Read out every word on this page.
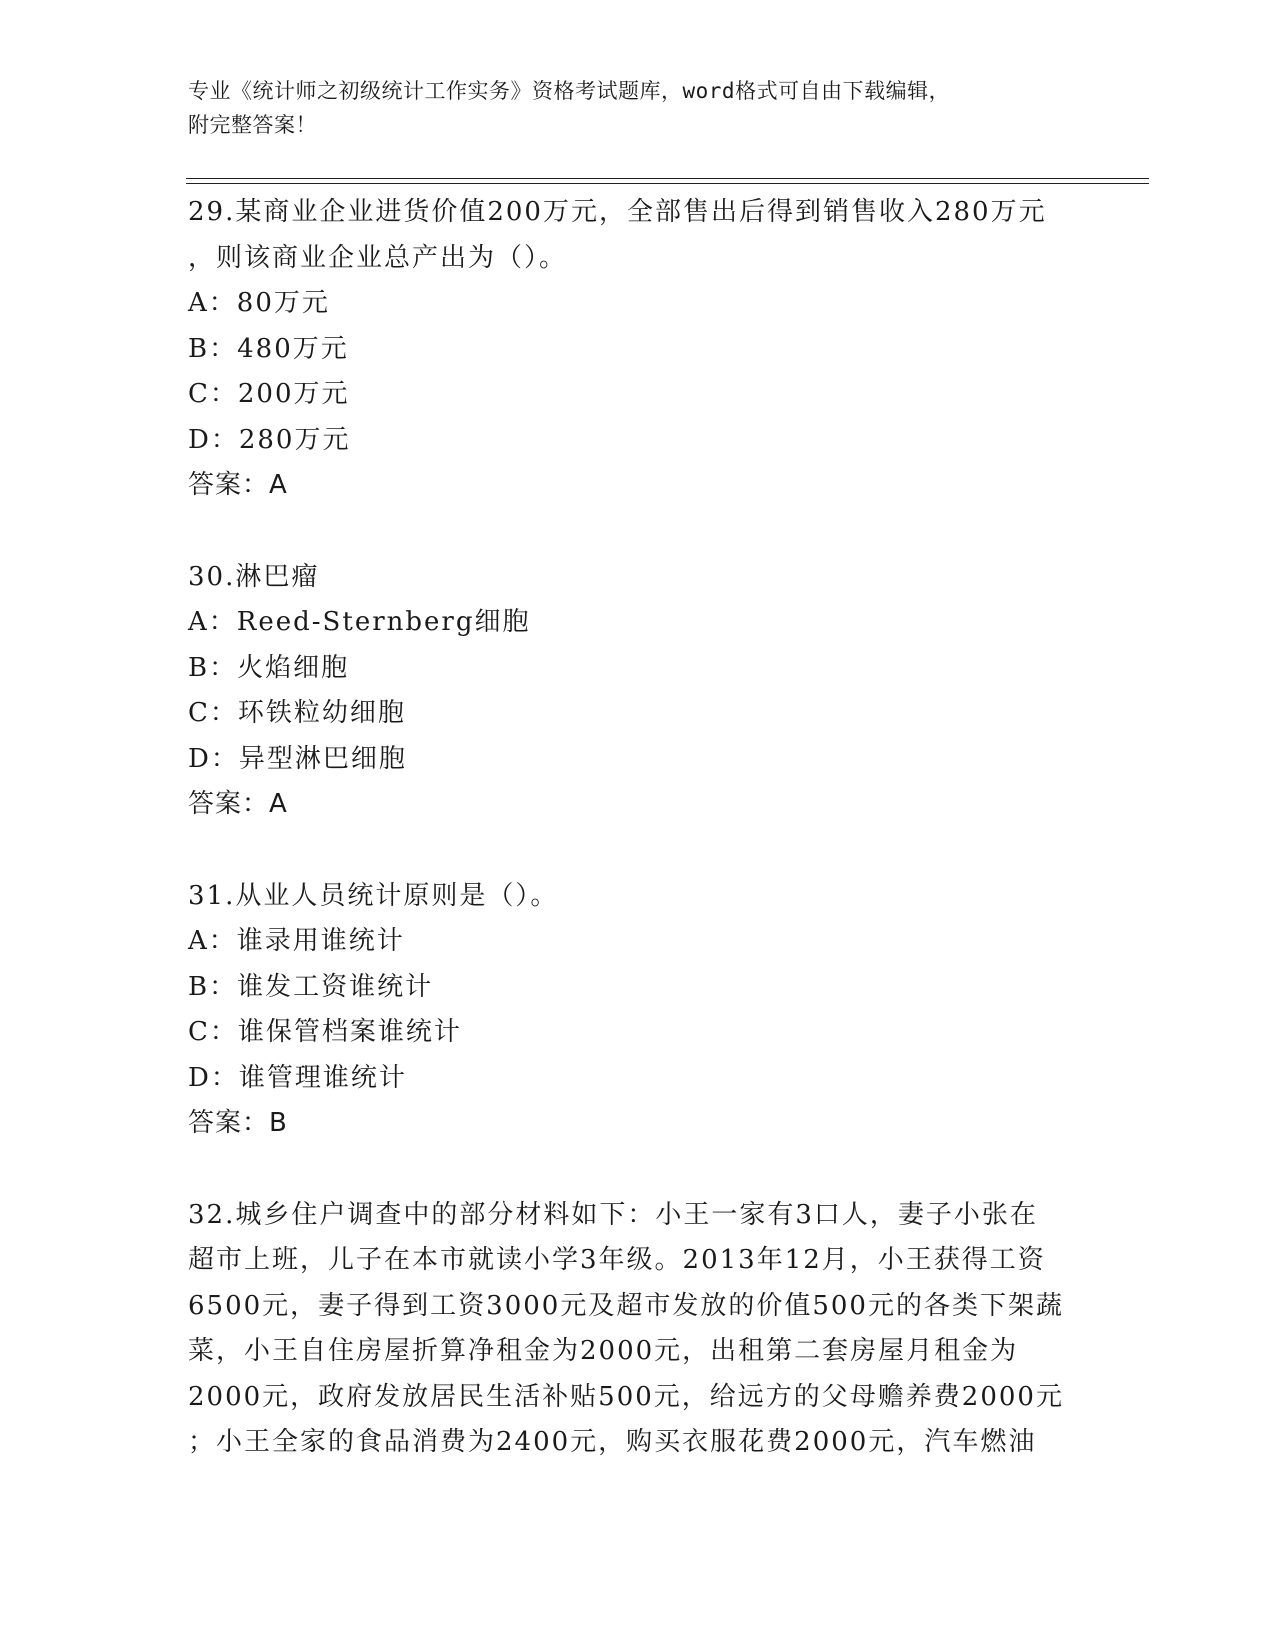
专业《统计师之初级统计工作实务》资格考试题库，word格式可自由下载编辑，
附完整答案！
29.某商业企业进货价值200万元，全部售出后得到销售收入280万元
，则该商业企业总产出为（）。
A：80万元
B：480万元
C：200万元
D：280万元
答案：A
30.淋巴瘤
A：Reed-Sternberg细胞
B：火焰细胞
C：环铁粒幼细胞
D：异型淋巴细胞
答案：A
31.从业人员统计原则是（）。
A：谁录用谁统计
B：谁发工资谁统计
C：谁保管档案谁统计
D：谁管理谁统计
答案：B
32.城乡住户调查中的部分材料如下：小王一家有3口人，妻子小张在
超市上班，儿子在本市就读小学3年级。2013年12月，小王获得工资
6500元，妻子得到工资3000元及超市发放的价值500元的各类下架蔬
菜，小王自住房屋折算净租金为2000元，出租第二套房屋月租金为
2000元，政府发放居民生活补贴500元，给远方的父母赡养费2000元
；小王全家的食品消费为2400元，购买衣服花费2000元，汽车燃油
